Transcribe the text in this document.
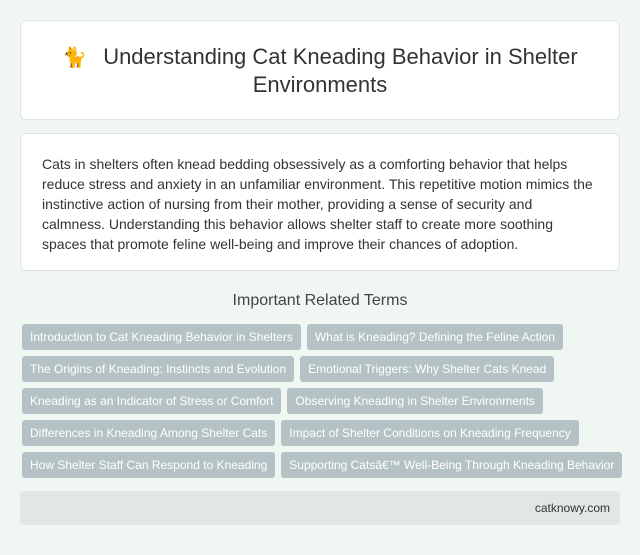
🐈 Understanding Cat Kneading Behavior in Shelter Environments

Cats in shelters often knead bedding obsessively as a comforting behavior that helps reduce stress and anxiety in an unfamiliar environment. This repetitive motion mimics the instinctive action of nursing from their mother, providing a sense of security and calmness. Understanding this behavior allows shelter staff to create more soothing spaces that promote feline well-being and improve their chances of adoption.

Important Related Terms
Introduction to Cat Kneading Behavior in Shelters	What is Kneading? Defining the Feline Action
The Origins of Kneading: Instincts and Evolution	Emotional Triggers: Why Shelter Cats Knead
Kneading as an Indicator of Stress or Comfort	Observing Kneading in Shelter Environments
Differences in Kneading Among Shelter Cats	Impact of Shelter Conditions on Kneading Frequency
How Shelter Staff Can Respond to Kneading	Supporting Catsâ€™ Well-Being Through Kneading Behavior
catknowy.com
